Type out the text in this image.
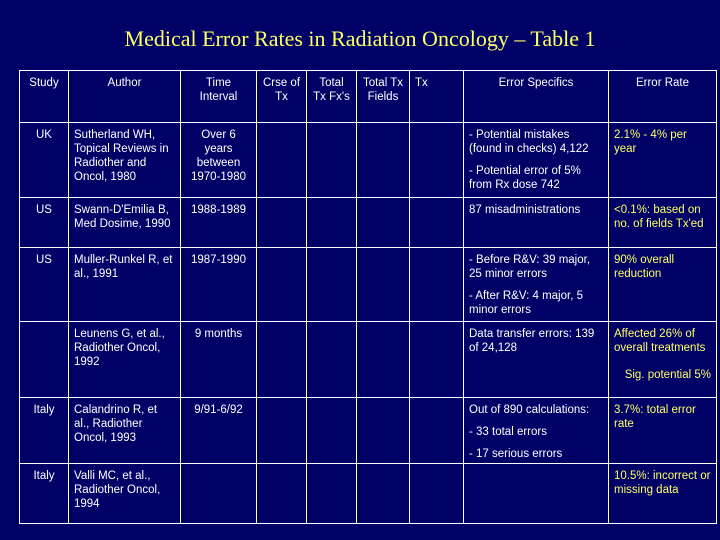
Medical Error Rates in Radiation Oncology – Table 1
Study	Author	Time Interval	Crse of Tx	Total Tx Fx's	Total Tx Fields	Tx	Error Specifics	Error Rate
UK	Sutherland WH, Topical Reviews in Radiother and Oncol, 1980	Over 6 years between 1970-1980					- Potential mistakes (found in checks) 4,122
- Potential error of 5% from Rx dose 742	2.1% - 4% per year

US	Swann-D'Emilia B, Med Dosime, 1990	1988-1989					87 misadministrations	<0.1%: based on no. of fields Tx'ed

US	Muller-Runkel R, et al., 1991	1987-1990					- Before R&V: 39 major, 25 minor errors
- After R&V: 4 major, 5 minor errors	90% overall reduction

	Leunens G, et al., Radiother Oncol, 1992	9 months					Data transfer errors: 139 of 24,128	Affected 26% of overall treatments
Sig. potential 5%

Italy	Calandrino R, et al., Radiother Oncol, 1993	9/91-6/92					Out of 890 calculations:
- 33 total errors
- 17 serious errors	3.7%: total error rate

Italy	Valli MC, et al., Radiother Oncol, 1994							10.5%: incorrect or missing data
